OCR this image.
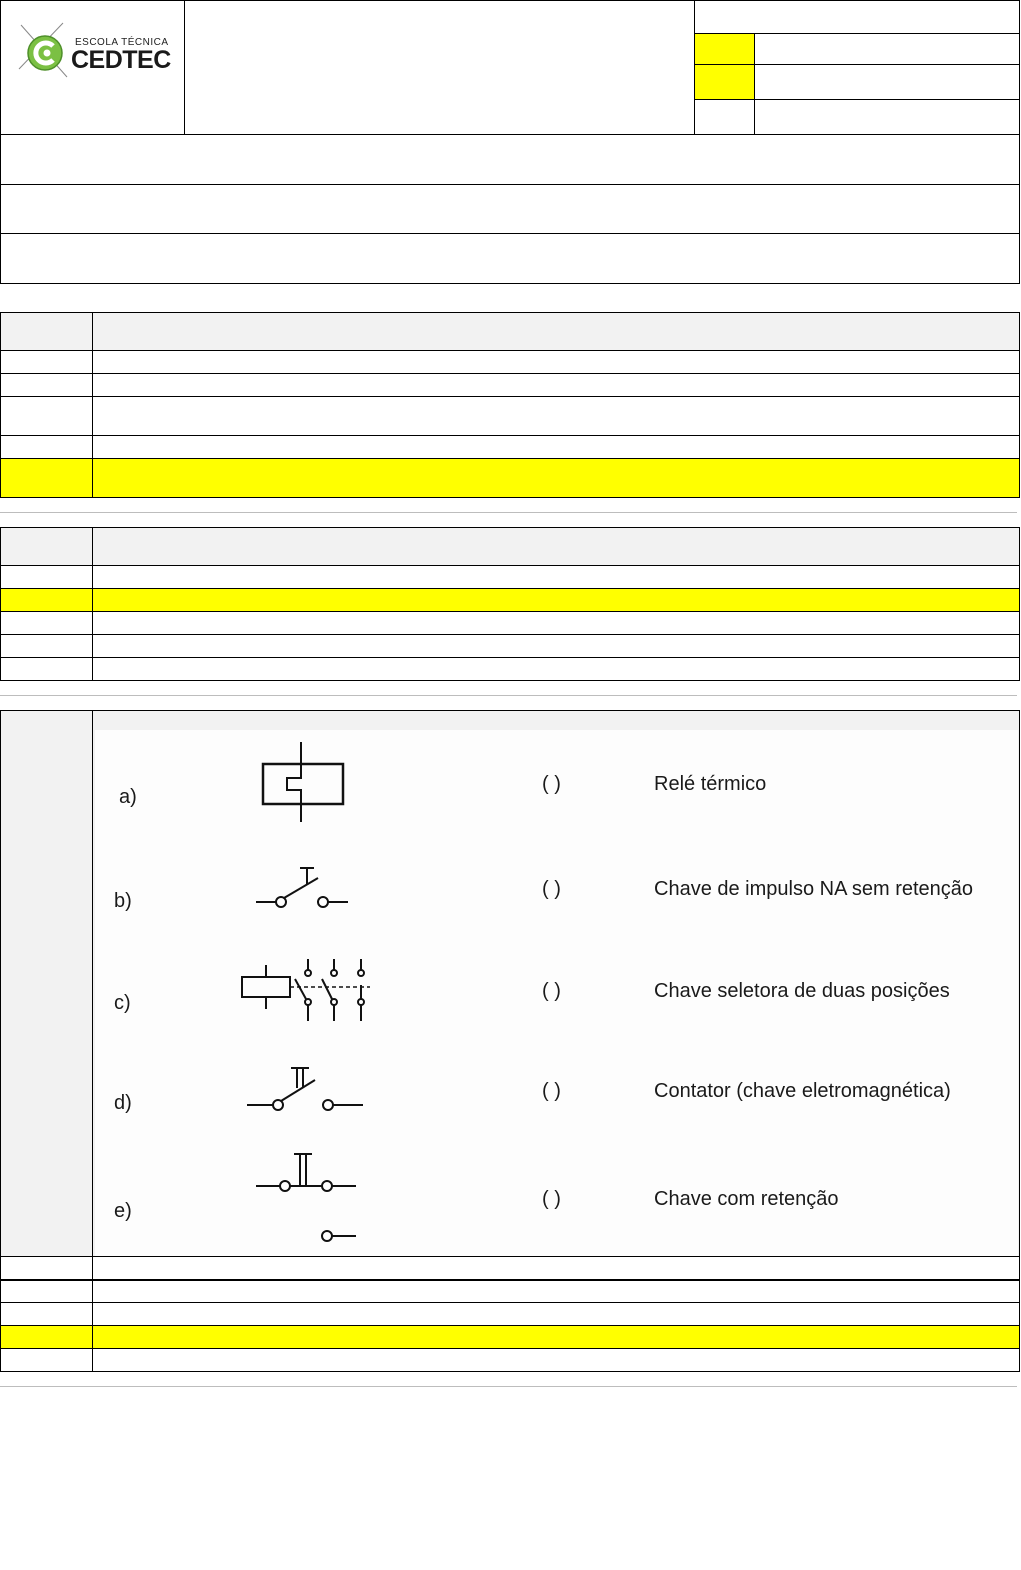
ESCOLA TÉCNICA
CEDTEC
a)
b)
c)
d)
e)
( )
( )
( )
( )
( )
Relé térmico
Chave de impulso NA sem retenção
Chave seletora de duas posições
Contator (chave eletromagnética)
Chave com retenção
